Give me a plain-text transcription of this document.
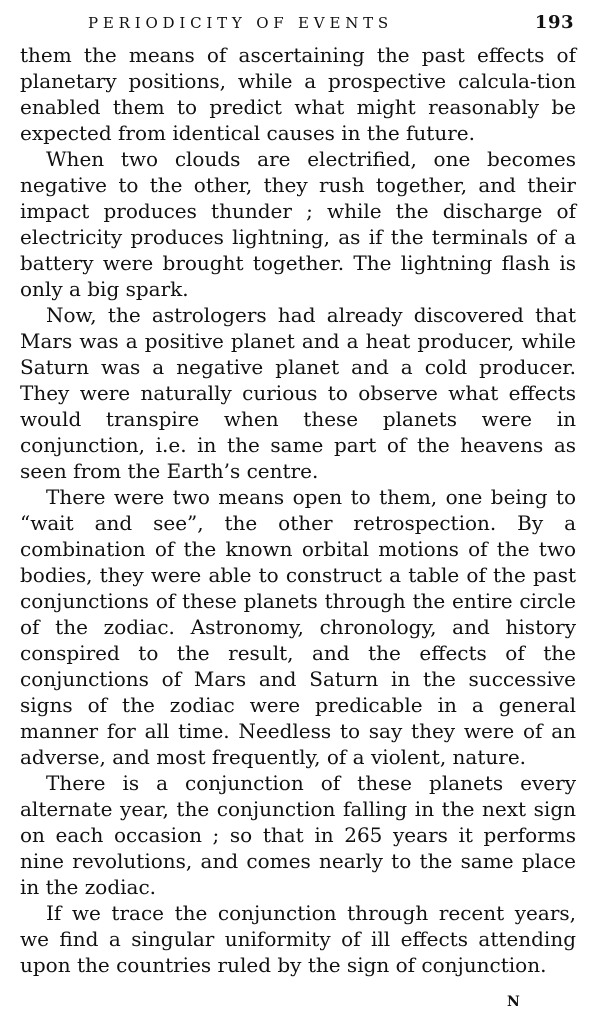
PERIODICITY OF EVENTS	193

them the means of ascertaining the past effects of planetary positions, while a prospective calcula-tion enabled them to predict what might reasonably be expected from identical causes in the future.

When two clouds are electrified, one becomes negative to the other, they rush together, and their impact produces thunder ; while the discharge of electricity produces lightning, as if the terminals of a battery were brought together. The lightning flash is only a big spark.

Now, the astrologers had already discovered that Mars was a positive planet and a heat producer, while Saturn was a negative planet and a cold producer. They were naturally curious to observe what effects would transpire when these planets were in conjunction, i.e. in the same part of the heavens as seen from the Earth’s centre.

There were two means open to them, one being to “wait and see”, the other retrospection. By a combination of the known orbital motions of the two bodies, they were able to construct a table of the past conjunctions of these planets through the entire circle of the zodiac. Astronomy, chronology, and history conspired to the result, and the effects of the conjunctions of Mars and Saturn in the successive signs of the zodiac were predicable in a general manner for all time. Needless to say they were of an adverse, and most frequently, of a violent, nature.

There is a conjunction of these planets every alternate year, the conjunction falling in the next sign on each occasion ; so that in 265 years it performs nine revolutions, and comes nearly to the same place in the zodiac.

If we trace the conjunction through recent years, we find a singular uniformity of ill effects attending upon the countries ruled by the sign of conjunction.

N
